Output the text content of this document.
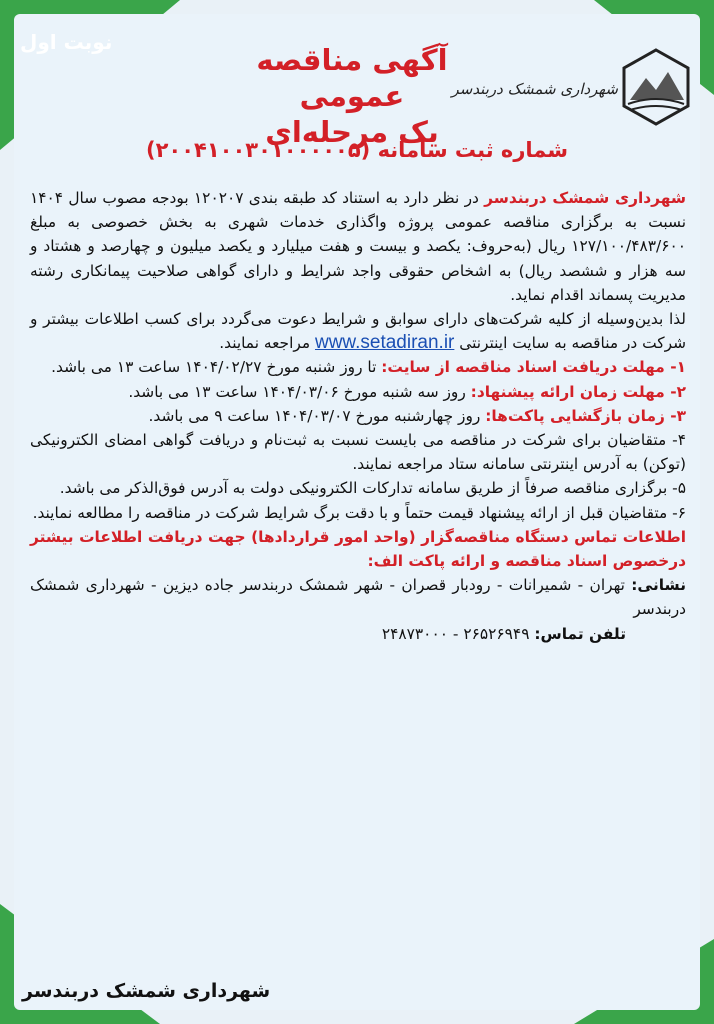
نوبت اول
شهرداری شمشک دربندسر
آگهی مناقصه عمومی
یک مرحله‌ای
شماره ثبت سامانه (۲۰۰۴۱۰۰۳۰۱۰۰۰۰۰۵)

شهرداری شمشک دربندسر در نظر دارد به استناد کد طبقه بندی ۱۲۰۲۰۷ بودجه مصوب سال ۱۴۰۴ نسبت به برگزاری مناقصه عمومی پروژه واگذاری خدمات شهری به بخش خصوصی به مبلغ ۱۲۷/۱۰۰/۴۸۳/۶۰۰ ریال (به‌حروف: یکصد و بیست و هفت میلیارد و یکصد میلیون و چهارصد و هشتاد و سه هزار و ششصد ریال) به اشخاص حقوقی واجد شرایط و دارای گواهی صلاحیت پیمانکاری رشته مدیریت پسماند اقدام نماید.

لذا بدین‌وسیله از کلیه شرکت‌های دارای سوابق و شرایط دعوت می‌گردد برای کسب اطلاعات بیشتر و شرکت در مناقصه به سایت اینترنتی www.setadiran.ir مراجعه نمایند.

۱- مهلت دریافت اسناد مناقصه از سایت: تا روز شنبه مورخ ۱۴۰۴/۰۲/۲۷ ساعت ۱۳ می باشد.

۲- مهلت زمان ارائه پیشنهاد: روز سه شنبه مورخ ۱۴۰۴/۰۳/۰۶ ساعت ۱۳ می باشد.

۳- زمان بازگشایی پاکت‌ها: روز چهارشنبه مورخ ۱۴۰۴/۰۳/۰۷ ساعت ۹ می باشد.

۴- متقاضیان برای شرکت در مناقصه می بایست نسبت به ثبت‌نام و دریافت گواهی امضای الکترونیکی (توکن) به آدرس اینترنتی سامانه ستاد مراجعه نمایند.

۵- برگزاری مناقصه صرفاً از طریق سامانه تدارکات الکترونیکی دولت به آدرس فوق‌الذکر می باشد.

۶- متقاضیان قبل از ارائه پیشنهاد قیمت حتماً و با دقت برگ شرایط شرکت در مناقصه را مطالعه نمایند.

اطلاعات تماس دستگاه مناقصه‌گزار (واحد امور قراردادها) جهت دریافت اطلاعات بیشتر درخصوص اسناد مناقصه و ارائه پاکت الف:

نشانی: تهران - شمیرانات - رودبار قصران - شهر شمشک دربندسر جاده دیزین - شهرداری شمشک دربندسر

تلفن تماس: ۲۶۵۲۶۹۴۹ - ۲۴۸۷۳۰۰۰

شهرداری شمشک دربندسر
